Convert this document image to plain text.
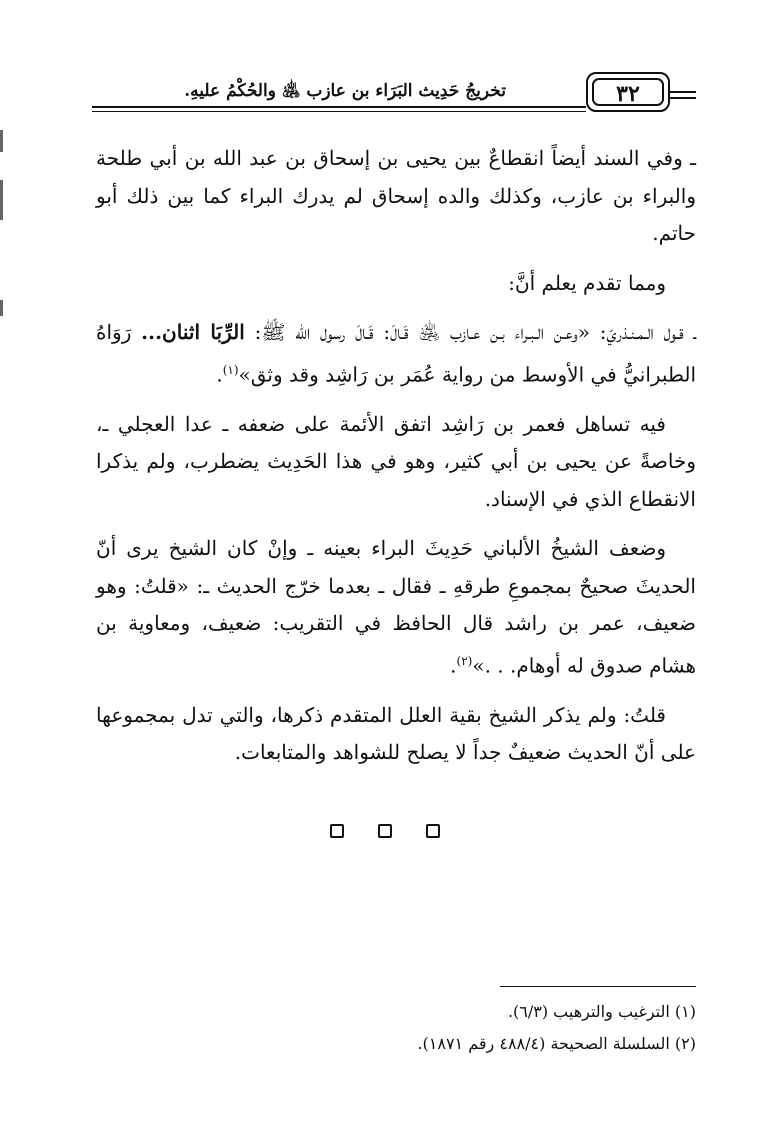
٣٢
تخريجُ حَدِيث البَرَاء بن عازب ﵁ والحُكْمُ عليهِ.

ـ وفي السند أيضاً انقطاعٌ بين يحيى بن إسحاق بن عبد الله بن أبي طلحة والبراء بن عازب، وكذلك والده إسحاق لم يدرك البراء كما بين ذلك أبو حاتم.

ومما تقدم يعلم أنَّ:

ـ قـول الـمـنـذريّ: «وعـن الـبـراء بـن عـازب ﵁ قَـالَ: قَـالَ رسول الله ﷺ: الرِّبَا اثنان... رَوَاهُ الطبرانيُّ في الأوسط من رواية عُمَر بن رَاشِد وقد وثق»$^{(١)}$.

فيه تساهل فعمر بن رَاشِد اتفق الأئمة على ضعفه ـ عدا العجلي ـ، وخاصةً عن يحيى بن أبي كثير، وهو في هذا الحَدِيث يضطرب، ولم يذكرا الانقطاع الذي في الإسناد.

وضعف الشيخُ الألباني حَدِيثَ البراء بعينه ـ وإنْ كان الشيخ يرى أنّ الحديثَ صحيحٌ بمجموعِ طرقهِ ـ فقال ـ بعدما خرّج الحديث ـ: «قلتُ: وهو ضعيف، عمر بن راشد قال الحافظ في التقريب: ضعيف، ومعاوية بن هشام صدوق له أوهام. . .»$^{(٢)}$.

قلتُ: ولم يذكر الشيخ بقية العلل المتقدم ذكرها، والتي تدل بمجموعها على أنّ الحديث ضعيفٌ جداً لا يصلح للشواهد والمتابعات.

(١) الترغيب والترهيب (٦/٣).
(٢) السلسلة الصحيحة (٤٨٨/٤ رقم ١٨٧١).
